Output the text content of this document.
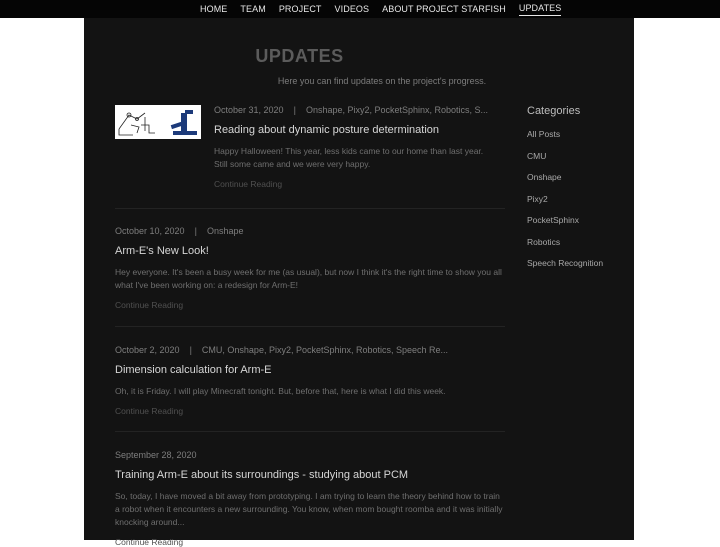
HOME TEAM PROJECT VIDEOS ABOUT PROJECT STARFISH UPDATES
UPDATES
Here you can find updates on the project's progress.
October 31, 2020 | Onshape, Pixy2, PocketSphinx, Robotics, S...
Reading about dynamic posture determination
Happy Halloween! This year, less kids came to our home than last year. Still some came and we were very happy.
Continue Reading
October 10, 2020 | Onshape
Arm-E's New Look!
Hey everyone. It's been a busy week for me (as usual), but now I think it's the right time to show you all what I've been working on: a redesign for Arm-E!
Continue Reading
October 2, 2020 | CMU, Onshape, Pixy2, PocketSphinx, Robotics, Speech Re...
Dimension calculation for Arm-E
Oh, it is Friday. I will play Minecraft tonight. But, before that, here is what I did this week.
Continue Reading
September 28, 2020
Training Arm-E about its surroundings - studying about PCM
So, today, I have moved a bit away from prototyping. I am trying to learn the theory behind how to train a robot when it encounters a new surrounding. You know, when mom bought roomba and it was initially knocking around...
Continue Reading
Categories
All Posts
CMU
Onshape
Pixy2
PocketSphinx
Robotics
Speech Recognition
